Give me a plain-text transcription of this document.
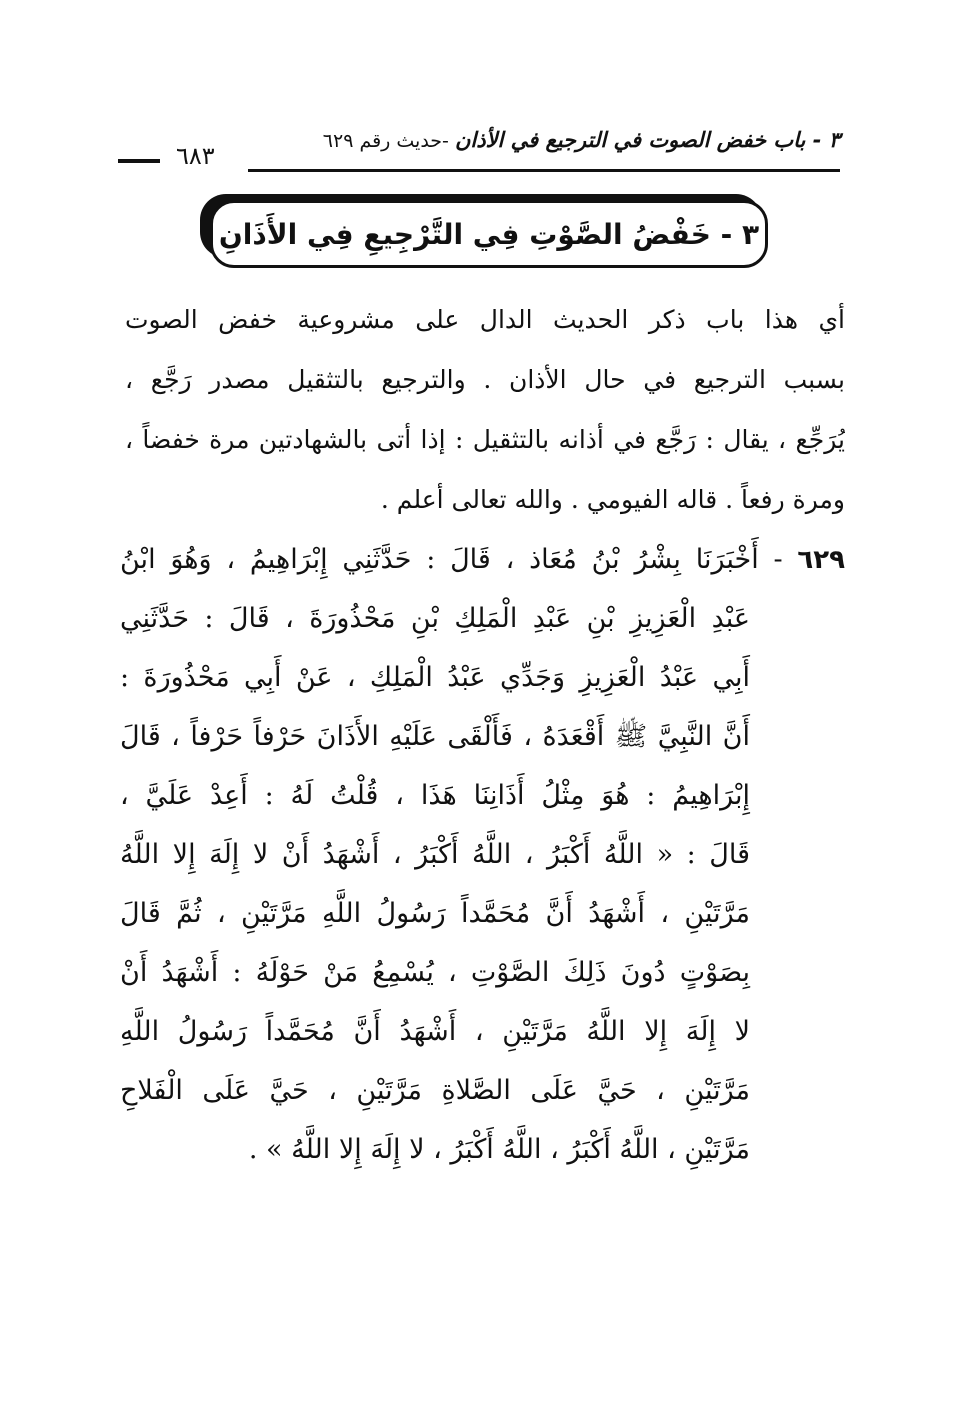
٣ - باب خفض الصوت في الترجيع في الأذان -حديث رقم ٦٢٩
٦٨٣
٣ - خَفْضُ الصَّوْتِ فِي التَّرْجِيعِ فِي الأَذَانِ
أي هذا باب ذكر الحديث الدال على مشروعية خفض الصوت
بسبب الترجيع في حال الأذان . والترجيع بالتثقيل مصدر رَجَّع ،
يُرَجِّع ، يقال : رَجَّع في أذانه بالتثقيل : إذا أتى بالشهادتين مرة خفضاً ،
ومرة رفعاً . قاله الفيومي . والله تعالى أعلم .
٦٢٩ - أَخْبَرَنَا بِشْرُ بْنُ مُعَاذ ، قَالَ : حَدَّثَنِي إِبْرَاهِيمُ ، وَهُوَ ابْنُ
عَبْدِ الْعَزِيزِ بْنِ عَبْدِ الْمَلِكِ بْنِ مَحْذُورَةَ ، قَالَ : حَدَّثَنِي
أَبِي عَبْدُ الْعَزِيزِ وَجَدِّي عَبْدُ الْمَلِكِ ، عَنْ أَبِي مَحْذُورَةَ :
أَنَّ النَّبِيَّ ﷺ أَقْعَدَهُ ، فَأَلْقَى عَلَيْهِ الأَذَانَ حَرْفاً حَرْفاً ، قَالَ
إِبْرَاهِيمُ : هُوَ مِثْلُ أَذَانِنَا هَذَا ، قُلْتُ لَهُ : أَعِدْ عَلَيَّ ،
قَالَ : « اللَّهُ أَكْبَرُ ، اللَّهُ أَكْبَرُ ، أَشْهَدُ أَنْ لا إِلَهَ إِلا اللَّهُ
مَرَّتَيْنِ ، أَشْهَدُ أَنَّ مُحَمَّداً رَسُولُ اللَّهِ مَرَّتَيْنِ ، ثُمَّ قَالَ
بِصَوْتٍ دُونَ ذَلِكَ الصَّوْتِ ، يُسْمِعُ مَنْ حَوْلَهُ : أَشْهَدُ أَنْ
لا إِلَهَ إِلا اللَّهُ مَرَّتَيْنِ ، أَشْهَدُ أَنَّ مُحَمَّداً رَسُولُ اللَّهِ
مَرَّتَيْنِ ، حَيَّ عَلَى الصَّلاةِ مَرَّتَيْنِ ، حَيَّ عَلَى الْفَلاحِ
مَرَّتَيْنِ ، اللَّهُ أَكْبَرُ ، اللَّهُ أَكْبَرُ ، لا إِلَهَ إِلا اللَّهُ » .
